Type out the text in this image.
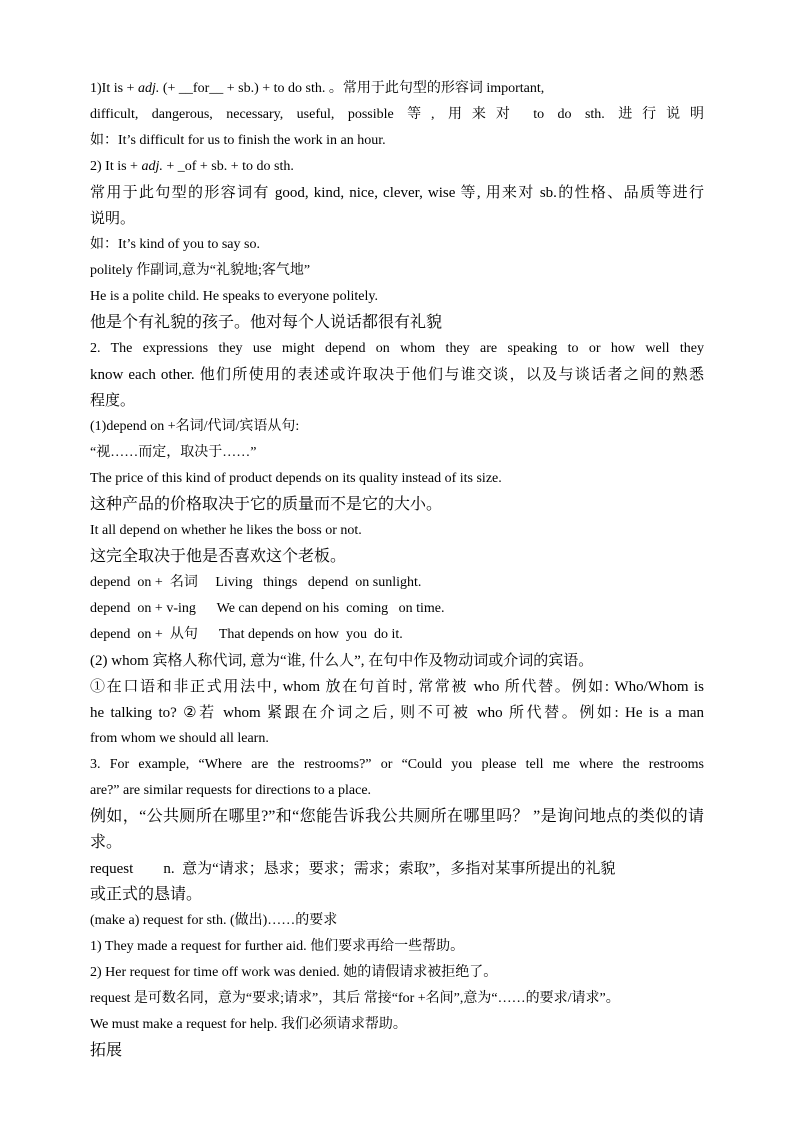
1)It is + adj. (+ __for__ + sb.) + to do sth. 。常用于此句型的形容词 important,
difficult, dangerous, necessary, useful, possible 等, 用来对 to do sth. 进行说明
如：It’s difficult for us to finish the work in an hour.
2) It is + adj. + _of + sb. + to do sth.
常用于此句型的形容词有 good, kind, nice, clever, wise 等, 用来对 sb.的性格、品质等进行
说明。
如：It’s kind of you to say so.
politely 作副词,意为“礼貌地;客气地”
He is a polite child. He speaks to everyone politely.
他是个有礼貌的孩子。他对每个人说话都很有礼貌
2. The expressions they use might depend on whom they are speaking to or how well they
know each other. 他们所使用的表述或许取决于他们与谁交谈，以及与谈话者之间的熟悉
程度。
(1)depend on +名词/代词/宾语从句:
“视……而定，取决于……”
The price of this kind of product depends on its quality instead of its size.
这种产品的价格取决于它的质量而不是它的大小。
It all depend on whether he likes the boss or not.
这完全取决于他是否喜欢这个老板。
depend  on +  名词     Living   things   depend  on sunlight.
depend  on + v-ing      We can depend on his  coming   on time.
depend  on +  从句      That depends on how  you  do it.
(2) whom 宾格人称代词, 意为“谁, 什么人”, 在句中作及物动词或介词的宾语。
①在口语和非正式用法中, whom 放在句首时, 常常被 who 所代替。例如: Who/Whom is
he talking to? ②若 whom 紧跟在介词之后, 则不可被 who 所代替。例如: He is a man
from whom we should all learn.
3. For example, “Where are the restrooms?” or “Could you please tell me where the restrooms
are?” are similar requests for directions to a place.
例如，“公共厕所在哪里?”和“您能告诉我公共厕所在哪里吗？ ”是询问地点的类似的请
求。
request        n.  意为“请求；恳求；要求；需求；索取”，多指对某事所提出的礼貌
或正式的恳请。
(make a) request for sth. (做出)……的要求
1) They made a request for further aid. 他们要求再给一些帮助。
2) Her request for time off work was denied. 她的请假请求被拒绝了。
request 是可数名同，意为“要求;请求”，其后 常接“for +名间”,意为“……的要求/请求”。
We must make a request for help. 我们必须请求帮助。
拓展
